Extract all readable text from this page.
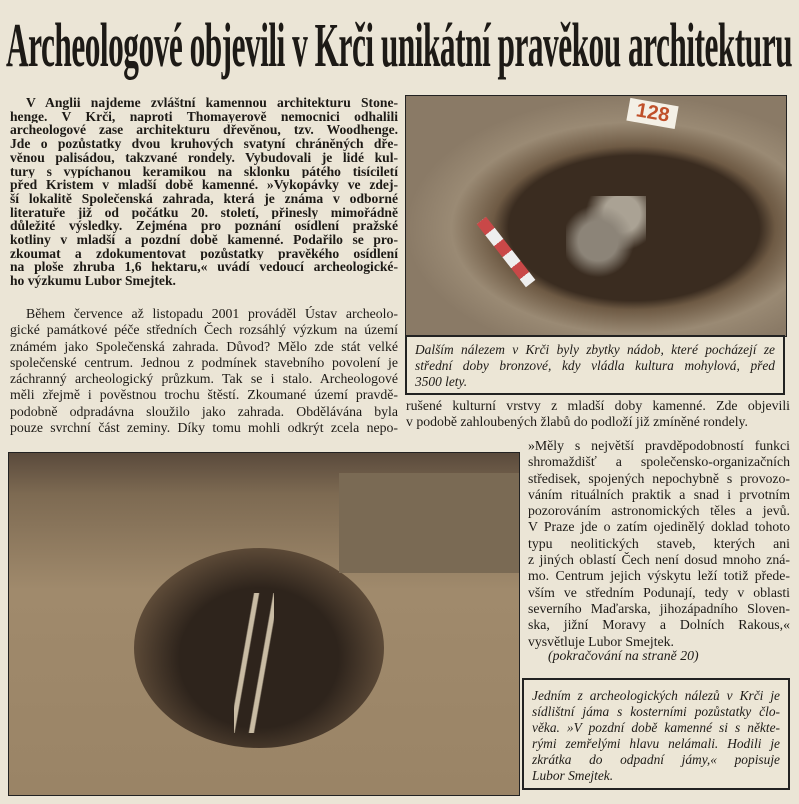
Archeologové objevili v Krči unikátní pravěkou architekturu
V Anglii najdeme zvláštní kamennou architekturu Stone-
henge. V Krči, naproti Thomayerově nemocnici odhalili
archeologové zase architekturu dřevěnou, tzv. Woodhenge.
Jde o pozůstatky dvou kruhových svatyní chráněných dře-
věnou palisádou, takzvané rondely. Vybudovali je lidé kul-
tury s vypíchanou keramikou na sklonku pátého tisíciletí
před Kristem v mladší době kamenné. »Vykopávky ve zdej-
ší lokalitě Společenská zahrada, která je známa v odborné
literatuře již od počátku 20. století, přinesly mimořádně
důležité výsledky. Zejména pro poznání osídlení pražské
kotliny v mladší a pozdní době kamenné. Podařilo se pro-
zkoumat a zdokumentovat pozůstatky pravěkého osídlení
na ploše zhruba 1,6 hektaru,« uvádí vedoucí archeologické-
ho výzkumu Lubor Smejtek.
Během července až listopadu 2001 prováděl Ústav archeolo-
gické památkové péče středních Čech rozsáhlý výzkum na území
známém jako Společenská zahrada. Důvod? Mělo zde stát velké
společenské centrum. Jednou z podmínek stavebního povolení je
záchranný archeologický průzkum. Tak se i stalo. Archeologové
měli zřejmě i pověstnou trochu štěstí. Zkoumané území pravdě-
podobně odpradávna sloužilo jako zahrada. Obdělávána byla
pouze svrchní část zeminy. Díky tomu mohli odkrýt zcela nepo-
rušené kulturní vrstvy z mladší doby kamenné. Zde objevili
v podobě zahloubených žlabů do podloží již zmíněné rondely.
»Měly s největší pravděpodobností funkci
shromaždišť a společensko-organizačních
středisek, spojených nepochybně s provozo-
váním rituálních praktik a snad i prvotním
pozorováním astronomických těles a jevů.
V Praze jde o zatím ojedinělý doklad tohoto
typu neolitických staveb, kterých ani
z jiných oblastí Čech není dosud mnoho zná-
mo. Centrum jejich výskytu leží totiž přede-
vším ve středním Podunají, tedy v oblasti
severního Maďarska, jihozápadního Sloven-
ska, jižní Moravy a Dolních Rakous,«
vysvětluje Lubor Smejtek.
(pokračování na straně 20)
128
Dalším nálezem v Krči byly zbytky nádob, které pocházejí ze
střední doby bronzové, kdy vládla kultura mohylová, před
3500 lety.
Jedním z archeologických nálezů v Krči je
sídlištní jáma s kosterními pozůstatky člo-
věka. »V pozdní době kamenné si s někte-
rými zemřelými hlavu nelámali. Hodili je
zkrátka do odpadní jámy,« popisuje
Lubor Smejtek.
